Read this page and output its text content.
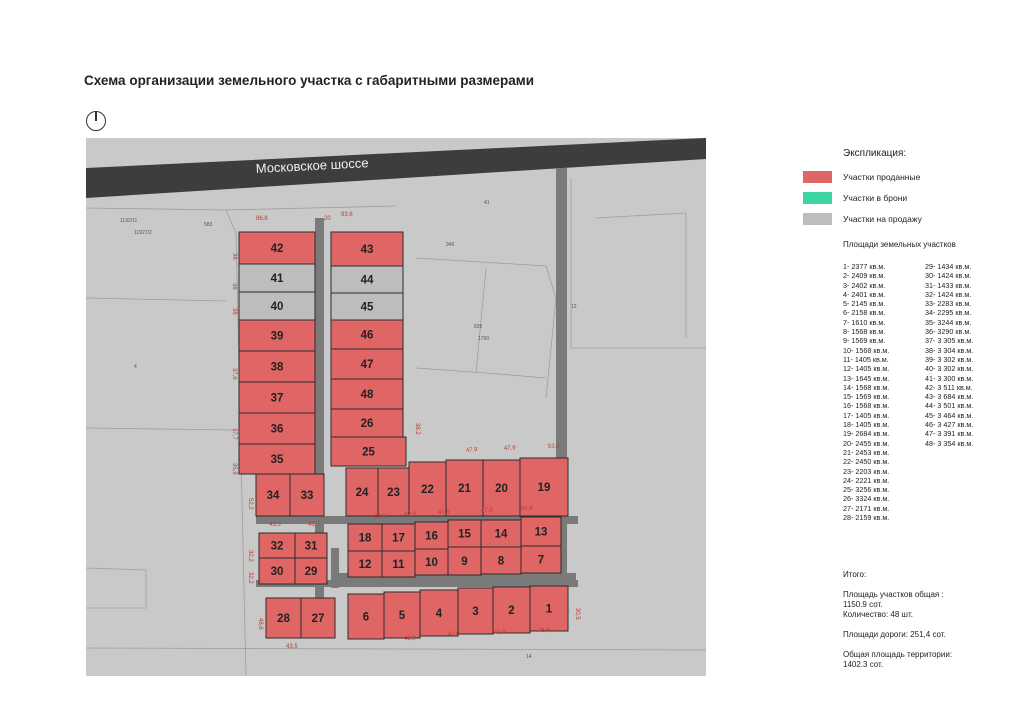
Схема организации земельного участка с габаритными размерами
Московское шоссе
42
41
40
39
38
37
36
35
34 33
43
44
45
46
47
48
26
25
24 23 22 21 20	19
32 31
30 29
18 17 16 15 14 13
12 11 10 9	8	7
28 27	6	5	4	3	2	1
86,8
93,6
47,9	47,9	53,2
43,5	43,7
42,9	42,9	47,9	47,9	50,8
43,5
42,9
47,9	47,9	48,4
20
38
38
38
37,6
37,7
35,9
52,2
32,2
32,2
48,6
38,2
30,5
1192/11
11927/2
583
835
41
1790
946
4
12
14
Экспликация:
Участки проданные
Участки в брони
Участки на продажу
Площади земельных участков
1- 2377 кв.м.
2- 2409 кв.м.
3- 2402 кв.м.
4- 2401 кв.м.
5- 2145 кв.м.
6- 2158 кв.м.
7- 1610 кв.м.
8- 1568 кв.м.
9- 1569 кв.м.
10- 1568 кв.м.
11- 1405 кв.м.
12- 1405 кв.м.
13- 1645 кв.м.
14- 1568 кв.м.
15- 1569 кв.м.
16- 1568 кв.м.
17- 1405 кв.м.
18- 1405 кв.м.
19- 2684 кв.м.
20- 2455 кв.м.
21- 2453 кв.м.
22- 2450 кв.м.
23- 2203 кв.м.
24- 2221 кв.м.
25- 3256 кв.м.
26- 3324 кв.м.
27- 2171 кв.м.
28- 2159 кв.м.
29- 1434 кв.м.
30- 1424 кв.м.
31- 1433 кв.м.
32- 1424 кв.м.
33- 2283 кв.м.
34- 2295 кв.м.
35- 3244 кв.м.
36- 3290 кв.м.
37- 3 305 кв.м.
38- 3 304 кв.м.
39- 3 302 кв.м.
40- 3 302 кв.м.
41- 3 300 кв.м.
42- 3 511 кв.м.
43- 3 684 кв.м.
44- 3 501 кв.м.
45- 3 464 кв.м.
46- 3 427 кв.м.
47- 3 391 кв.м.
48- 3 354 кв.м.
Итого:
Площадь участков общая :
1150.9 сот.
Количество: 48 шт.
Площади дороги: 251,4 сот.
Общая площадь территории:
1402.3 сот.
